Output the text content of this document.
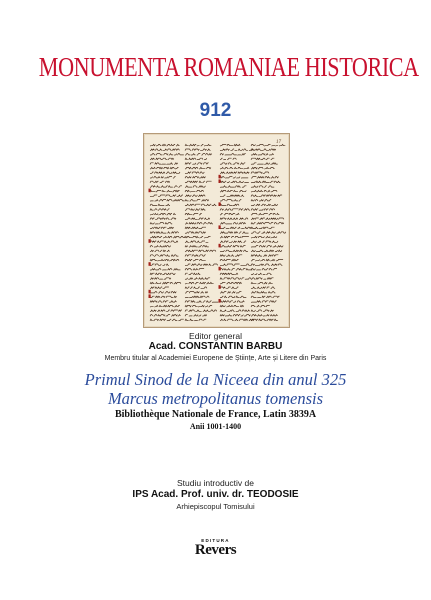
MONUMENTA ROMANIAE HISTORICA
912
17
Editor general
Acad. CONSTANTIN BARBU
Membru titular al Academiei Europene de Științe, Arte și Litere din Paris
Primul Sinod de la Niceea din anul 325
Marcus metropolitanus tomensis
Bibliothèque Nationale de France, Latin 3839A
Anii 1001-1400
Studiu introductiv de
IPS Acad. Prof. univ. dr. TEODOSIE
Arhiepiscopul Tomisului
EDITURA
Revers
